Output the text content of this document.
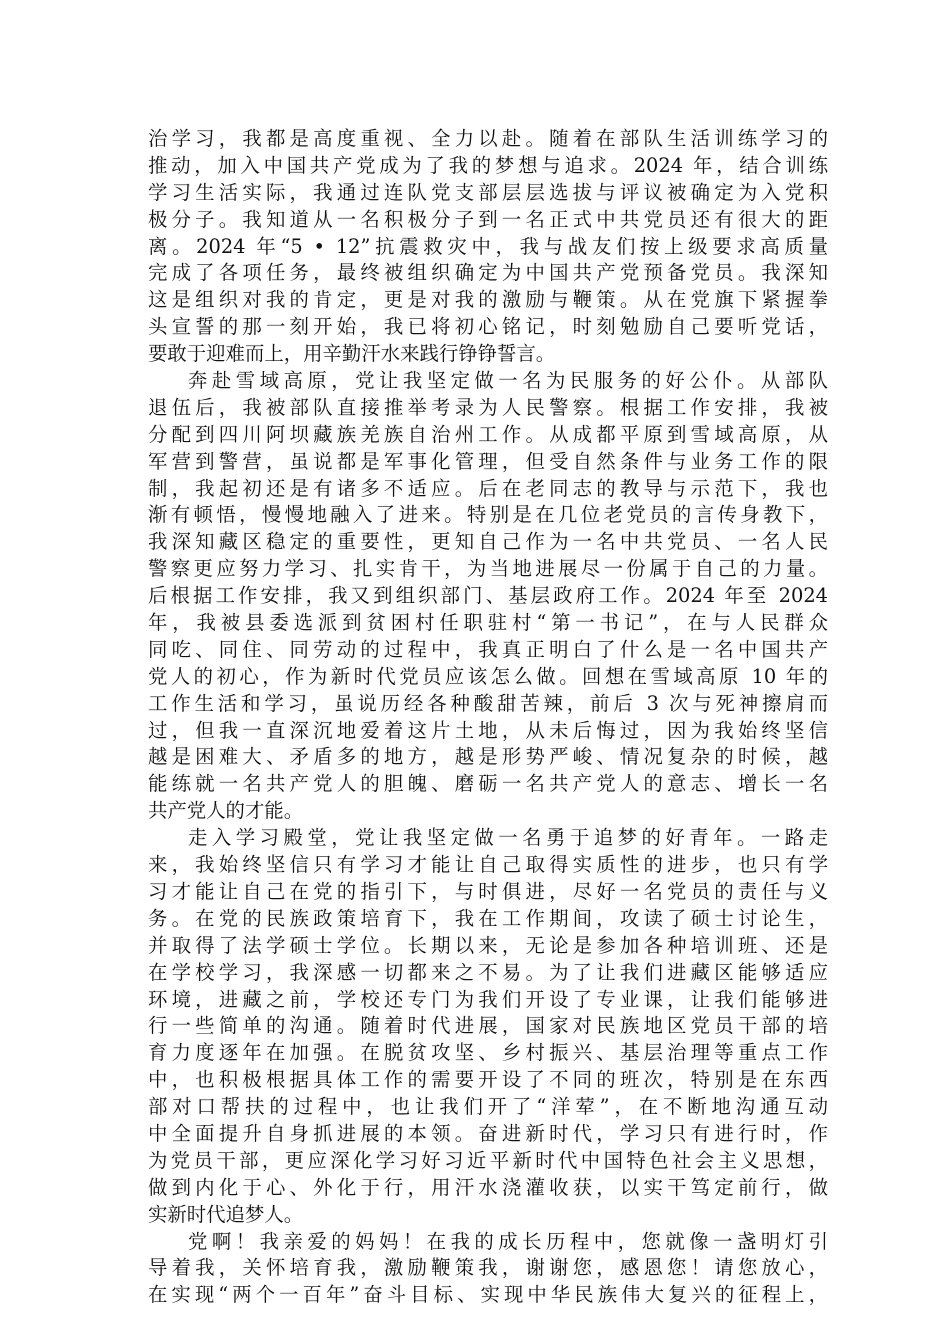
治学习，我都是高度重视、全力以赴。随着在部队生活训练学习的
推动，加入中国共产党成为了我的梦想与追求。2024 年，结合训练
学习生活实际，我通过连队党支部层层选拔与评议被确定为入党积
极分子。我知道从一名积极分子到一名正式中共党员还有很大的距
离。2024 年“5 • 12”抗震救灾中，我与战友们按上级要求高质量
完成了各项任务，最终被组织确定为中国共产党预备党员。我深知
这是组织对我的肯定，更是对我的激励与鞭策。从在党旗下紧握拳
头宣誓的那一刻开始，我已将初心铭记，时刻勉励自己要听党话，
要敢于迎难而上，用辛勤汗水来践行铮铮誓言。
奔赴雪域高原，党让我坚定做一名为民服务的好公仆。从部队
退伍后，我被部队直接推举考录为人民警察。根据工作安排，我被
分配到四川阿坝藏族羌族自治州工作。从成都平原到雪域高原，从
军营到警营，虽说都是军事化管理，但受自然条件与业务工作的限
制，我起初还是有诸多不适应。后在老同志的教导与示范下，我也
渐有顿悟，慢慢地融入了进来。特别是在几位老党员的言传身教下，
我深知藏区稳定的重要性，更知自己作为一名中共党员、一名人民
警察更应努力学习、扎实肯干，为当地进展尽一份属于自己的力量。
后根据工作安排，我又到组织部门、基层政府工作。2024 年至 2024
年，我被县委选派到贫困村任职驻村“第一书记”，在与人民群众
同吃、同住、同劳动的过程中，我真正明白了什么是一名中国共产
党人的初心，作为新时代党员应该怎么做。回想在雪域高原 10 年的
工作生活和学习，虽说历经各种酸甜苦辣，前后 3 次与死神擦肩而
过，但我一直深沉地爱着这片土地，从未后悔过，因为我始终坚信
越是困难大、矛盾多的地方，越是形势严峻、情况复杂的时候，越
能练就一名共产党人的胆魄、磨砺一名共产党人的意志、增长一名
共产党人的才能。
走入学习殿堂，党让我坚定做一名勇于追梦的好青年。一路走
来，我始终坚信只有学习才能让自己取得实质性的进步，也只有学
习才能让自己在党的指引下，与时俱进，尽好一名党员的责任与义
务。在党的民族政策培育下，我在工作期间，攻读了硕士讨论生，
并取得了法学硕士学位。长期以来，无论是参加各种培训班、还是
在学校学习，我深感一切都来之不易。为了让我们进藏区能够适应
环境，进藏之前，学校还专门为我们开设了专业课，让我们能够进
行一些简单的沟通。随着时代进展，国家对民族地区党员干部的培
育力度逐年在加强。在脱贫攻坚、乡村振兴、基层治理等重点工作
中，也积极根据具体工作的需要开设了不同的班次，特别是在东西
部对口帮扶的过程中，也让我们开了“洋荤”，在不断地沟通互动
中全面提升自身抓进展的本领。奋进新时代，学习只有进行时，作
为党员干部，更应深化学习好习近平新时代中国特色社会主义思想，
做到内化于心、外化于行，用汗水浇灌收获，以实干笃定前行，做
实新时代追梦人。
党啊！我亲爱的妈妈！在我的成长历程中，您就像一盏明灯引
导着我，关怀培育我，激励鞭策我，谢谢您，感恩您！请您放心，
在实现“两个一百年”奋斗目标、实现中华民族伟大复兴的征程上，
